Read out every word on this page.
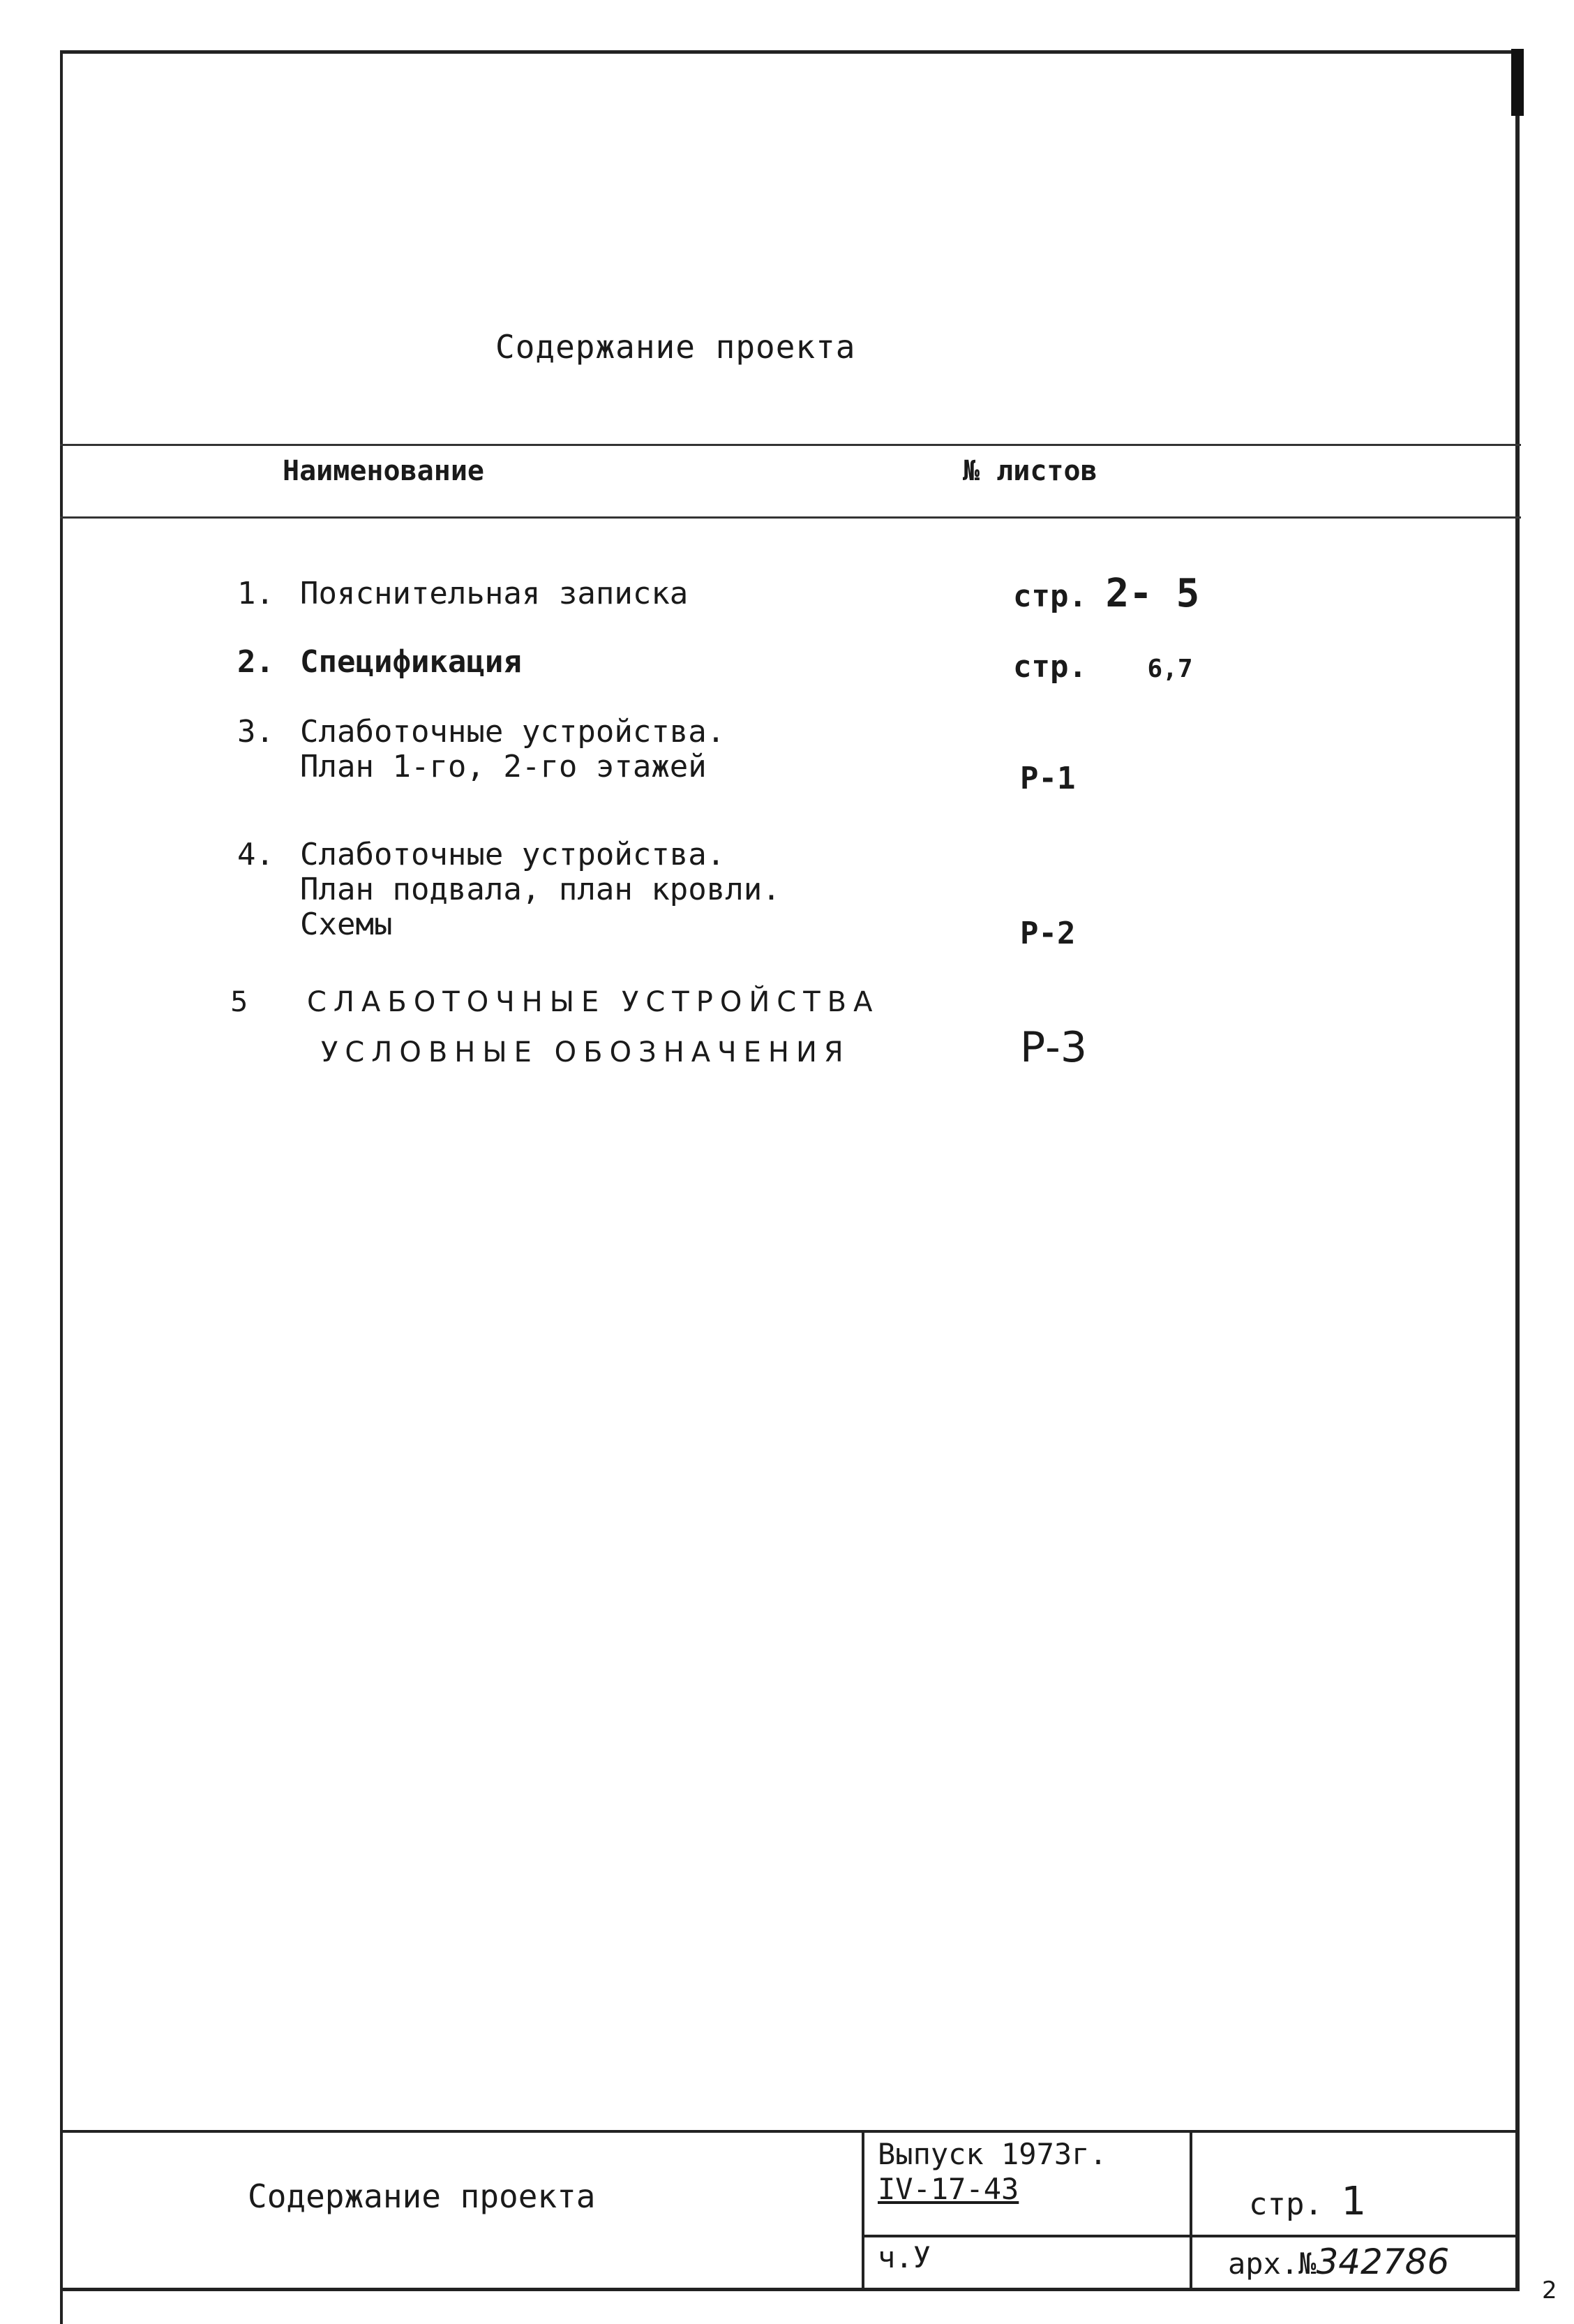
Содержание проекта
Наименование	№ листов
1. Пояснительная записка	стр. 2- 5
2. Спецификация	стр. 6,7
3. Слаботочные устройства.
План 1-го, 2-го этажей	Р-1
4. Слаботочные устройства.
План подвала, план кровли.
Схемы	Р-2
5 СЛАБОТОЧНЫЕ УСТРОЙСТВА
УСЛОВНЫЕ ОБОЗНАЧЕНИЯ	Р-3
Содержание проекта
Выпуск 1973г.
IV-17-43
ч.У
стр. 1
арх.№342786
2
